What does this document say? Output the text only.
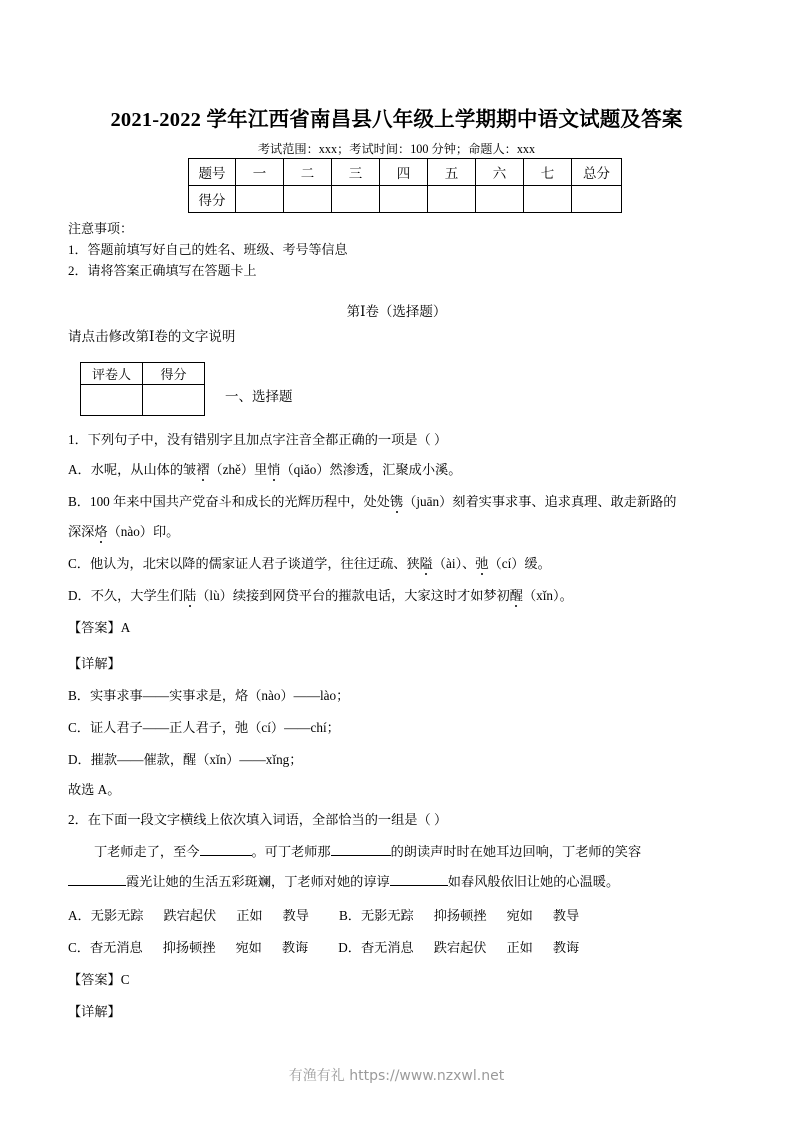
2021-2022 学年江西省南昌县八年级上学期期中语文试题及答案
考试范围：xxx；考试时间：100 分钟；命题人：xxx
题号	一	二	三	四	五	六	七	总分
得分								
注意事项：
1．答题前填写好自己的姓名、班级、考号等信息
2．请将答案正确填写在答题卡上
第Ⅰ卷（选择题）
请点击修改第Ⅰ卷的文字说明
评卷人	得分

一、选择题
1．下列句子中，没有错别字且加点字注音全都正确的一项是（ ）
A．水呢，从山体的皱褶（zhě）里悄（qiǎo）然渗透，汇聚成小溪。
B．100 年来中国共产党奋斗和成长的光辉历程中，处处镌（juān）刻着实事求事、追求真理、敢走新路的
深深烙（nào）印。
C．他认为，北宋以降的儒家证人君子谈道学，往往迂疏、狭隘（ài）、弛（cí）缓。
D．不久，大学生们陆（lù）续接到网贷平台的摧款电话，大家这时才如梦初醒（xǐn）。
【答案】A
【详解】
B．实事求事——实事求是，烙（nào）——lào；
C．证人君子——正人君子，弛（cí）——chí；
D．摧款——催款，醒（xǐn）——xǐng；
故选 A。
2．在下面一段文字横线上依次填入词语，全部恰当的一组是（ ）
丁老师走了，至今	。可丁老师那	的朗读声时时在她耳边回响，丁老师的笑容
霞光让她的生活五彩斑斓，丁老师对她的谆谆	如春风般依旧让她的心温暖。
A．无影无踪 跌宕起伏 正如 教导 B．无影无踪 抑扬顿挫 宛如 教导
C．杳无消息 抑扬顿挫 宛如 教诲 D．杳无消息 跌宕起伏 正如 教诲
【答案】C
【详解】
有渔有礼 https://www.nzxwl.net
